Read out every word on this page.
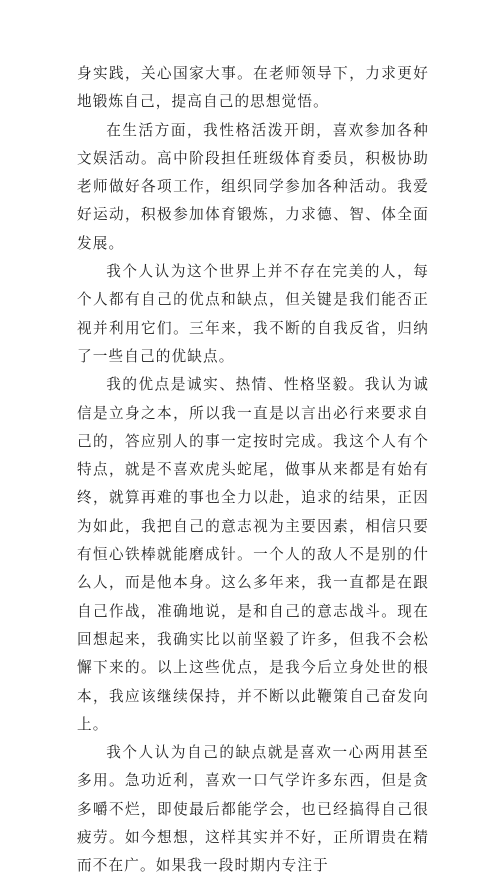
身实践，关心国家大事。在老师领导下，力求更好地锻炼自己，提高自己的思想觉悟。

在生活方面，我性格活泼开朗，喜欢参加各种文娱活动。高中阶段担任班级体育委员，积极协助老师做好各项工作，组织同学参加各种活动。我爱好运动，积极参加体育锻炼，力求德、智、体全面发展。

我个人认为这个世界上并不存在完美的人，每个人都有自己的优点和缺点，但关键是我们能否正视并利用它们。三年来，我不断的自我反省，归纳了一些自己的优缺点。

我的优点是诚实、热情、性格坚毅。我认为诚信是立身之本，所以我一直是以言出必行来要求自己的，答应别人的事一定按时完成。我这个人有个特点，就是不喜欢虎头蛇尾，做事从来都是有始有终，就算再难的事也全力以赴，追求的结果，正因为如此，我把自己的意志视为主要因素，相信只要有恒心铁棒就能磨成针。一个人的敌人不是别的什么人，而是他本身。这么多年来，我一直都是在跟自己作战，准确地说，是和自己的意志战斗。现在回想起来，我确实比以前坚毅了许多，但我不会松懈下来的。以上这些优点，是我今后立身处世的根本，我应该继续保持，并不断以此鞭策自己奋发向上。

我个人认为自己的缺点就是喜欢一心两用甚至多用。急功近利，喜欢一口气学许多东西，但是贪多嚼不烂，即使最后都能学会，也已经搞得自己很疲劳。如今想想，这样其实并不好，正所谓贵在精而不在广。如果我一段时期内专注于
